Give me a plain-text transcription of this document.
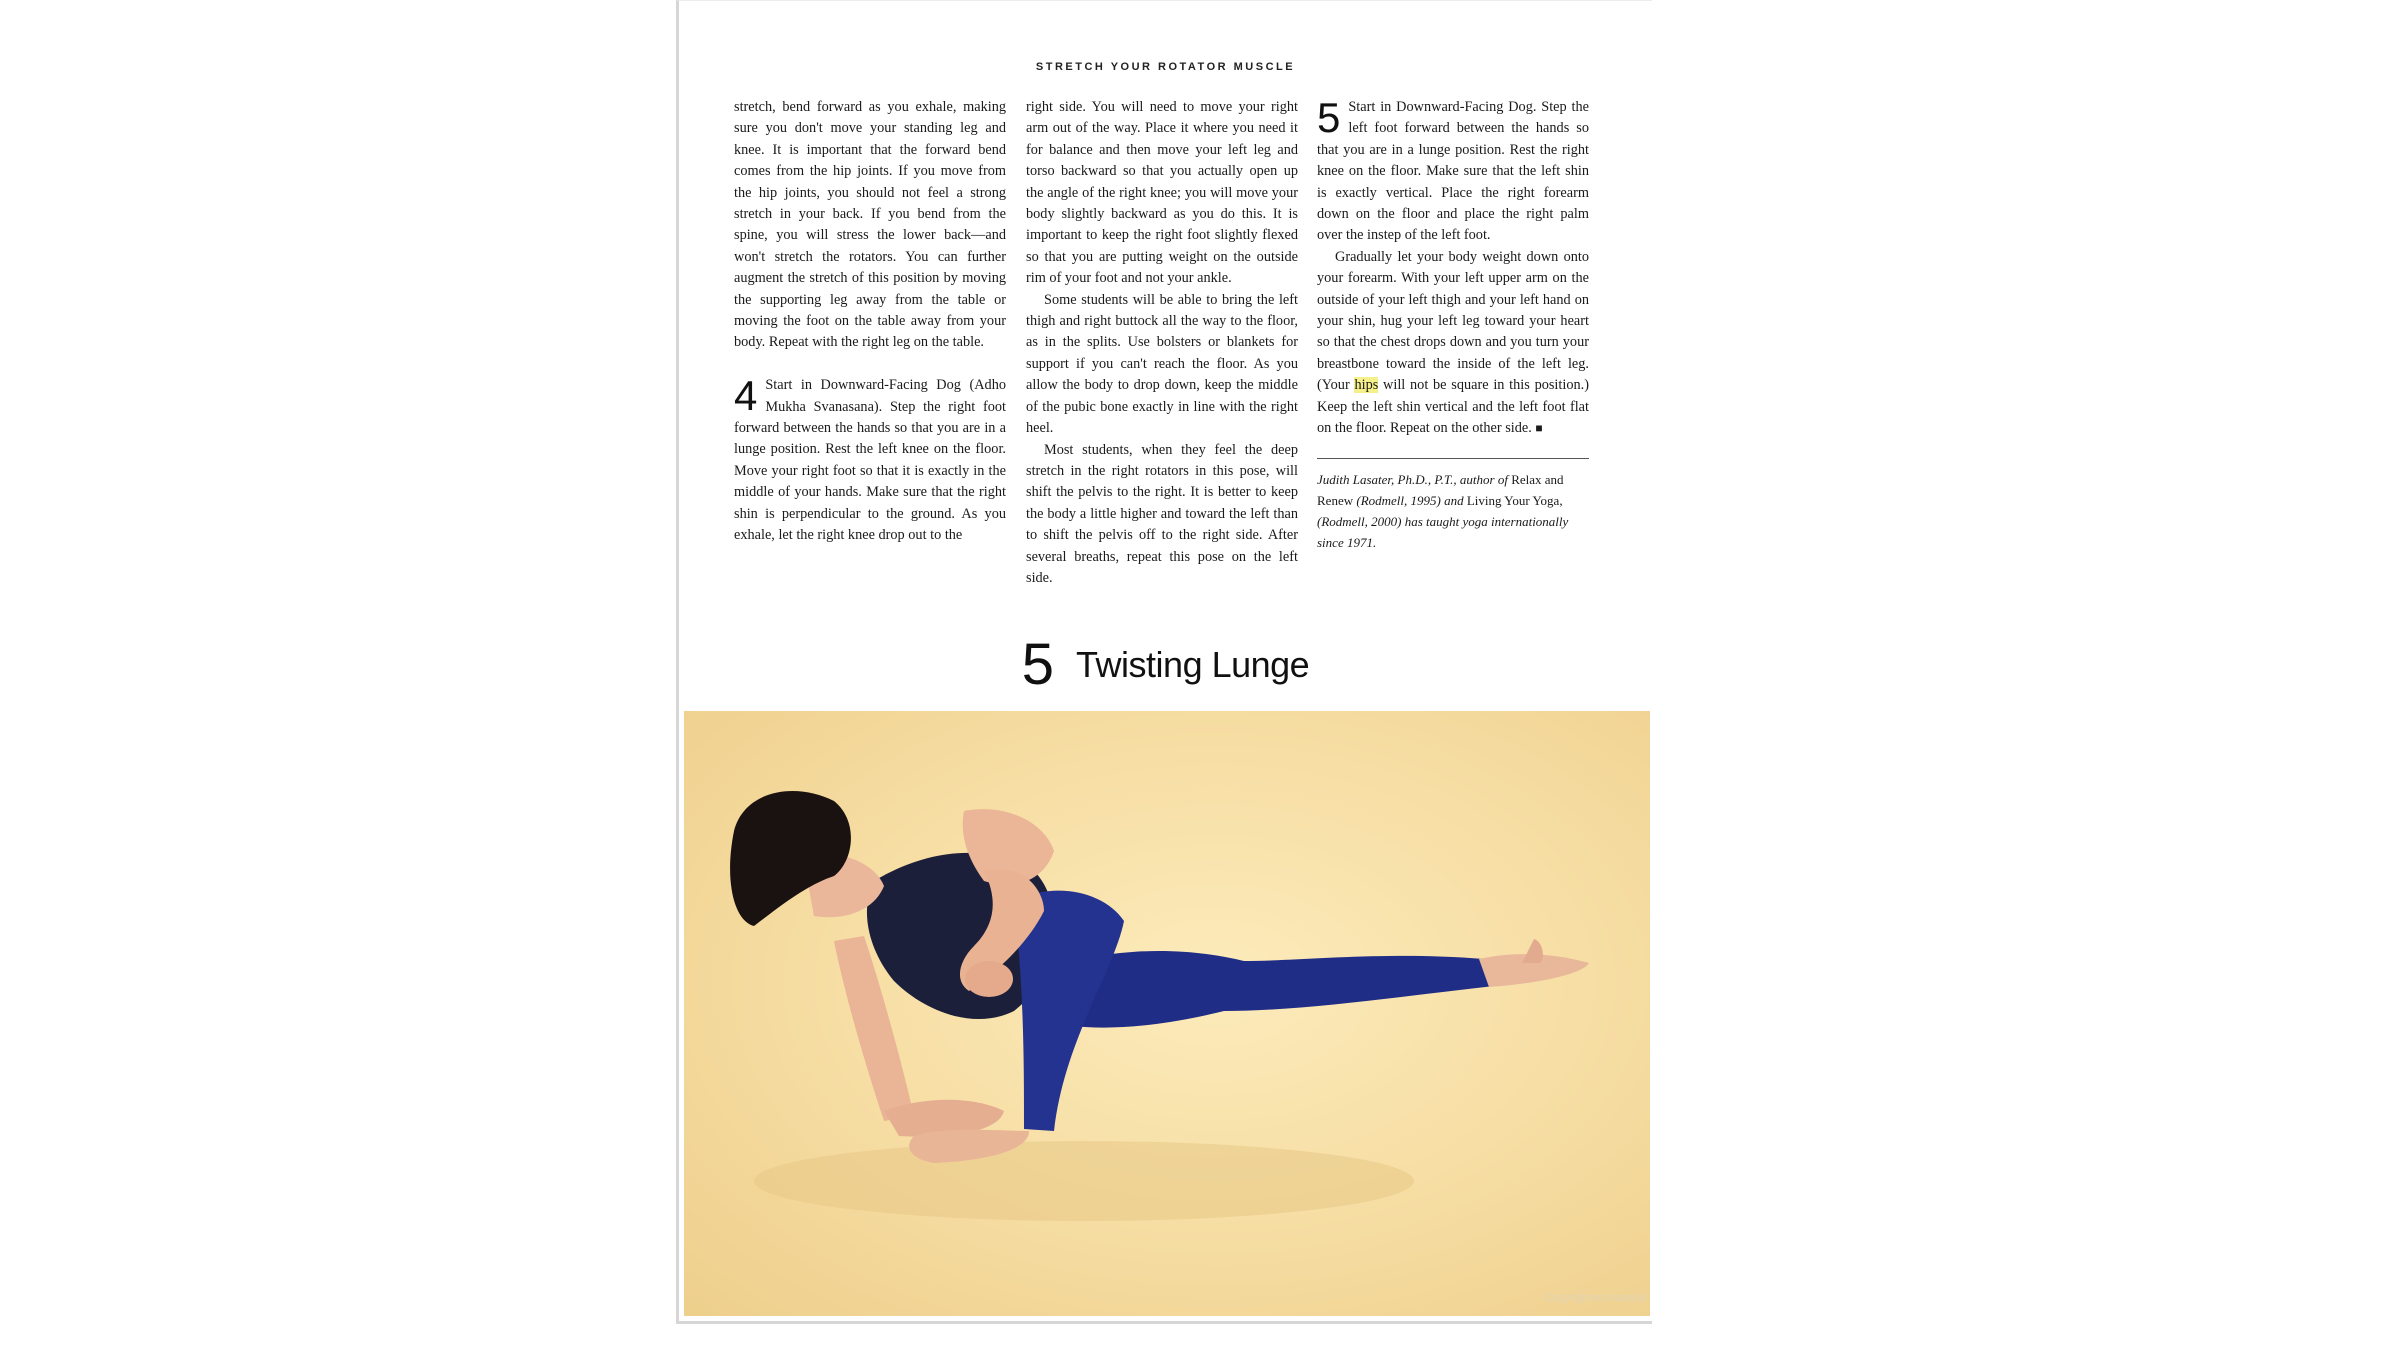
STRETCH YOUR ROTATOR MUSCLE

stretch, bend forward as you exhale, making sure you don't move your standing leg and knee. It is important that the forward bend comes from the hip joints. If you move from the hip joints, you should not feel a strong stretch in your back. If you bend from the spine, you will stress the lower back—and won't stretch the rotators. You can further augment the stretch of this position by moving the supporting leg away from the table or moving the foot on the table away from your body. Repeat with the right leg on the table.

4 Start in Downward-Facing Dog (Adho Mukha Svanasana). Step the right foot forward between the hands so that you are in a lunge position. Rest the left knee on the floor. Move your right foot so that it is exactly in the middle of your hands. Make sure that the right shin is perpendicular to the ground. As you exhale, let the right knee drop out to the

right side. You will need to move your right arm out of the way. Place it where you need it for balance and then move your left leg and torso backward so that you actually open up the angle of the right knee; you will move your body slightly backward as you do this. It is important to keep the right foot slightly flexed so that you are putting weight on the outside rim of your foot and not your ankle.

Some students will be able to bring the left thigh and right buttock all the way to the floor, as in the splits. Use bolsters or blankets for support if you can't reach the floor. As you allow the body to drop down, keep the middle of the pubic bone exactly in line with the right heel.

Most students, when they feel the deep stretch in the right rotators in this pose, will shift the pelvis to the right. It is better to keep the body a little higher and toward the left than to shift the pelvis off to the right side. After several breaths, repeat this pose on the left side.

5 Start in Downward-Facing Dog. Step the left foot forward between the hands so that you are in a lunge position. Rest the right knee on the floor. Make sure that the left shin is exactly vertical. Place the right forearm down on the floor and place the right palm over the instep of the left foot.

Gradually let your body weight down onto your forearm. With your left upper arm on the outside of your left thigh and your left hand on your shin, hug your left leg toward your heart so that the chest drops down and you turn your breastbone toward the inside of the left leg. (Your hips will not be square in this position.) Keep the left shin vertical and the left foot flat on the floor. Repeat on the other side. ■

Judith Lasater, Ph.D., P.T., author of Relax and Renew (Rodmell, 1995) and Living Your Yoga, (Rodmell, 2000) has taught yoga internationally since 1971.

5 Twisting Lunge
Copyrighted material
